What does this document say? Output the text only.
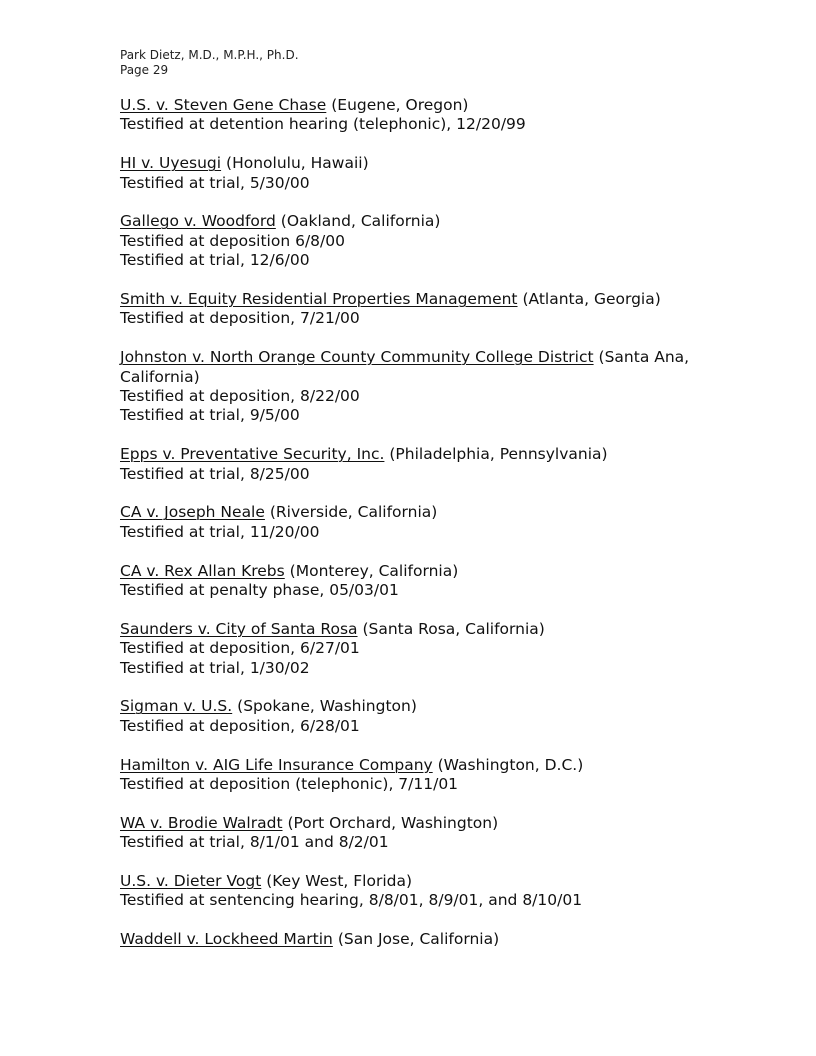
Park Dietz, M.D., M.P.H., Ph.D.
Page 29
U.S. v. Steven Gene Chase (Eugene, Oregon)
Testified at detention hearing (telephonic), 12/20/99
HI v. Uyesugi (Honolulu, Hawaii)
Testified at trial, 5/30/00
Gallego v. Woodford (Oakland, California)
Testified at deposition 6/8/00
Testified at trial, 12/6/00
Smith v. Equity Residential Properties Management (Atlanta, Georgia)
Testified at deposition, 7/21/00
Johnston v. North Orange County Community College District (Santa Ana, California)
Testified at deposition, 8/22/00
Testified at trial, 9/5/00
Epps v. Preventative Security, Inc. (Philadelphia, Pennsylvania)
Testified at trial, 8/25/00
CA v. Joseph Neale (Riverside, California)
Testified at trial, 11/20/00
CA v. Rex Allan Krebs (Monterey, California)
Testified at penalty phase, 05/03/01
Saunders v. City of Santa Rosa (Santa Rosa, California)
Testified at deposition, 6/27/01
Testified at trial, 1/30/02
Sigman v. U.S. (Spokane, Washington)
Testified at deposition, 6/28/01
Hamilton v. AIG Life Insurance Company (Washington, D.C.)
Testified at deposition (telephonic), 7/11/01
WA v. Brodie Walradt (Port Orchard, Washington)
Testified at trial, 8/1/01 and 8/2/01
U.S. v. Dieter Vogt (Key West, Florida)
Testified at sentencing hearing, 8/8/01, 8/9/01, and 8/10/01
Waddell v. Lockheed Martin (San Jose, California)
